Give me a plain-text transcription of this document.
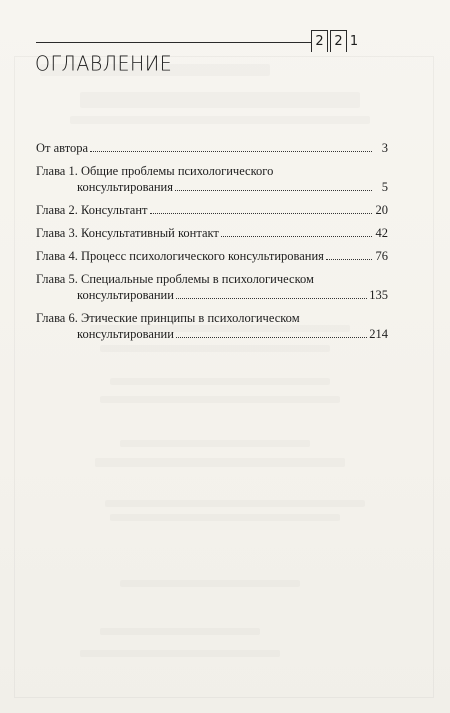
2 2 1
ОГЛАВЛЕНИЕ
От автора	3
Глава 1. Общие проблемы психологического
консультирования	5
Глава 2. Консультант	20
Глава 3. Консультативный контакт	42
Глава 4. Процесс психологического консультирования	76
Глава 5. Специальные проблемы в психологическом
консультировании	135
Глава 6. Этические принципы в психологическом
консультировании	214
